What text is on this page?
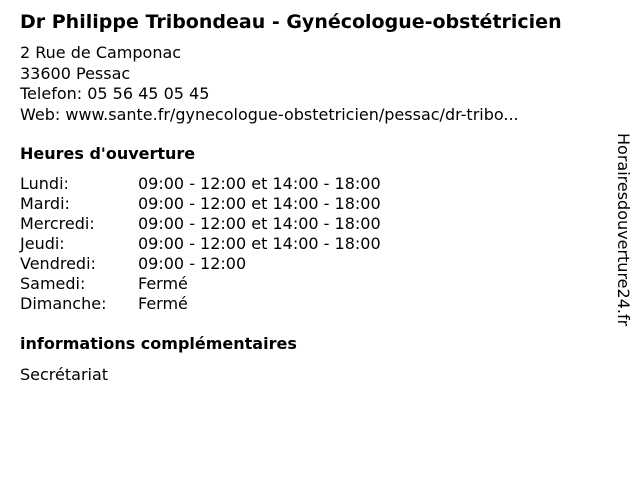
Dr Philippe Tribondeau - Gynécologue-obstétricien
2 Rue de Camponac
33600 Pessac
Telefon: 05 56 45 05 45
Web: www.sante.fr/gynecologue-obstetricien/pessac/dr-tribo...
Heures d'ouverture
Lundi:	09:00 - 12:00 et 14:00 - 18:00
Mardi:	09:00 - 12:00 et 14:00 - 18:00
Mercredi:	09:00 - 12:00 et 14:00 - 18:00
Jeudi:	09:00 - 12:00 et 14:00 - 18:00
Vendredi:	09:00 - 12:00
Samedi:	Fermé
Dimanche: Fermé
informations complémentaires
Secrétariat
Horairesdouverture24.fr
